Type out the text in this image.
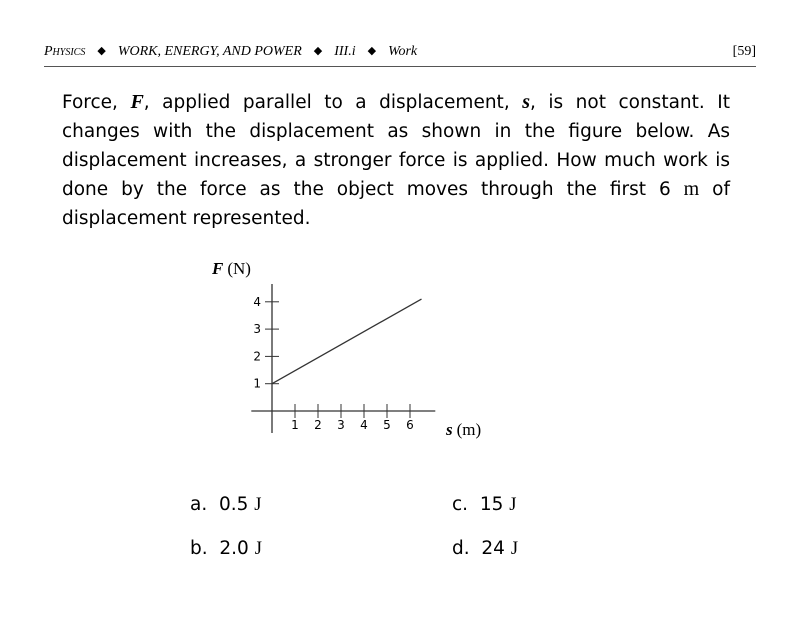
Physics ◆ WORK, ENERGY, AND POWER ◆ III.i ◆ Work	[59]
Force, F, applied parallel to a displacement, s, is not constant. It changes with the displacement as shown in the figure below. As displacement increases, a stronger force is applied. How much work is done by the force as the object moves through the first 6 m of displacement represented.
1 2 3 4 5 6
1
2
3
4
F (N)
s (m)
a. 0.5 J
b. 2.0 J
c. 15 J
d. 24 J
